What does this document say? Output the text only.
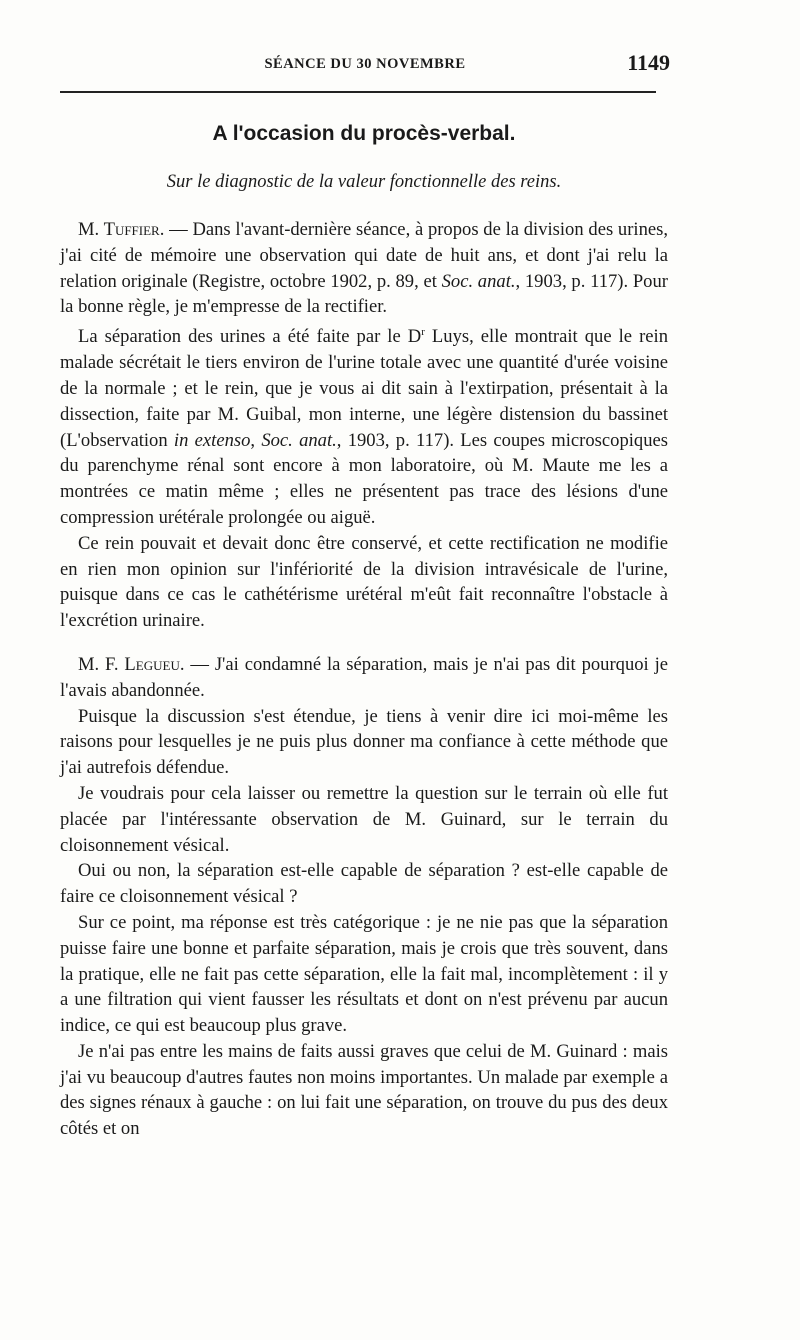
SÉANCE DU 30 NOVEMBRE	1149
A l'occasion du procès-verbal.
Sur le diagnostic de la valeur fonctionnelle des reins.

M. Tuffier. — Dans l'avant-dernière séance, à propos de la division des urines, j'ai cité de mémoire une observation qui date de huit ans, et dont j'ai relu la relation originale (Registre, octobre 1902, p. 89, et Soc. anat., 1903, p. 117). Pour la bonne règle, je m'empresse de la rectifier.

La séparation des urines a été faite par le $D^r$ Luys, elle montrait que le rein malade sécrétait le tiers environ de l'urine totale avec une quantité d'urée voisine de la normale ; et le rein, que je vous ai dit sain à l'extirpation, présentait à la dissection, faite par M. Guibal, mon interne, une légère distension du bassinet (L'observation in extenso, Soc. anat., 1903, p. 117). Les coupes microscopiques du parenchyme rénal sont encore à mon laboratoire, où M. Maute me les a montrées ce matin même ; elles ne présentent pas trace des lésions d'une compression urétérale prolongée ou aiguë.

Ce rein pouvait et devait donc être conservé, et cette rectification ne modifie en rien mon opinion sur l'infériorité de la division intravésicale de l'urine, puisque dans ce cas le cathétérisme urétéral m'eût fait reconnaître l'obstacle à l'excrétion urinaire.

M. F. Legueu. — J'ai condamné la séparation, mais je n'ai pas dit pourquoi je l'avais abandonnée.

Puisque la discussion s'est étendue, je tiens à venir dire ici moi-même les raisons pour lesquelles je ne puis plus donner ma confiance à cette méthode que j'ai autrefois défendue.

Je voudrais pour cela laisser ou remettre la question sur le terrain où elle fut placée par l'intéressante observation de M. Guinard, sur le terrain du cloisonnement vésical.

Oui ou non, la séparation est-elle capable de séparation ? est-elle capable de faire ce cloisonnement vésical ?

Sur ce point, ma réponse est très catégorique : je ne nie pas que la séparation puisse faire une bonne et parfaite séparation, mais je crois que très souvent, dans la pratique, elle ne fait pas cette séparation, elle la fait mal, incomplètement : il y a une filtration qui vient fausser les résultats et dont on n'est prévenu par aucun indice, ce qui est beaucoup plus grave.

Je n'ai pas entre les mains de faits aussi graves que celui de M. Guinard : mais j'ai vu beaucoup d'autres fautes non moins importantes. Un malade par exemple a des signes rénaux à gauche : on lui fait une séparation, on trouve du pus des deux côtés et on
